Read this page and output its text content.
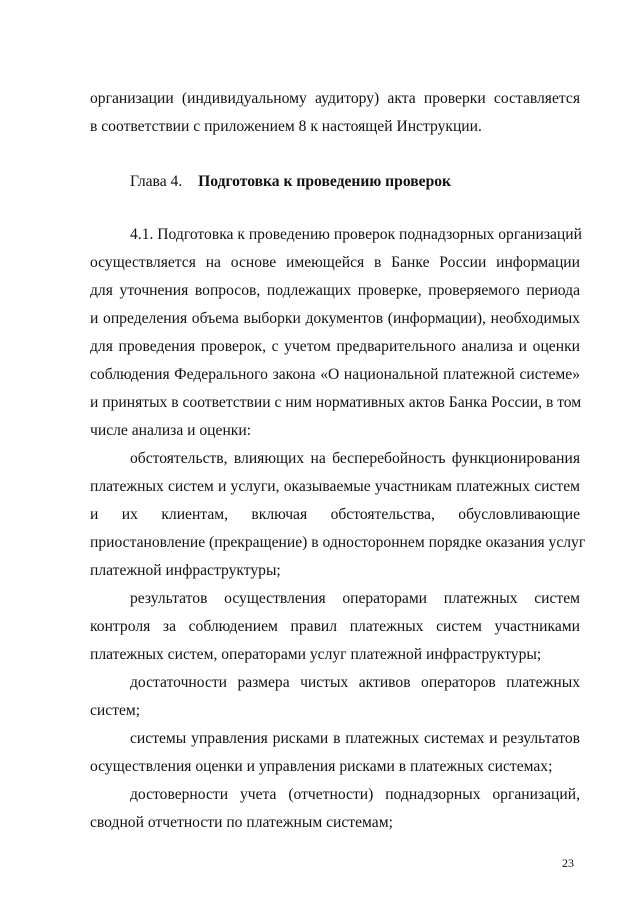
организации (индивидуальному аудитору) акта проверки составляется
в соответствии с приложением 8 к настоящей Инструкции.
Глава 4. Подготовка к проведению проверок
4.1. Подготовка к проведению проверок поднадзорных организаций
осуществляется на основе имеющейся в Банке России информации
для уточнения вопросов, подлежащих проверке, проверяемого периода
и определения объема выборки документов (информации), необходимых
для проведения проверок, с учетом предварительного анализа и оценки
соблюдения Федерального закона «О национальной платежной системе»
и принятых в соответствии с ним нормативных актов Банка России, в том
числе анализа и оценки:
обстоятельств, влияющих на бесперебойность функционирования
платежных систем и услуги, оказываемые участникам платежных систем
и их клиентам, включая обстоятельства, обусловливающие
приостановление (прекращение) в одностороннем порядке оказания услуг
платежной инфраструктуры;
результатов осуществления операторами платежных систем
контроля за соблюдением правил платежных систем участниками
платежных систем, операторами услуг платежной инфраструктуры;
достаточности размера чистых активов операторов платежных
систем;
системы управления рисками в платежных системах и результатов
осуществления оценки и управления рисками в платежных системах;
достоверности учета (отчетности) поднадзорных организаций,
сводной отчетности по платежным системам;
23
